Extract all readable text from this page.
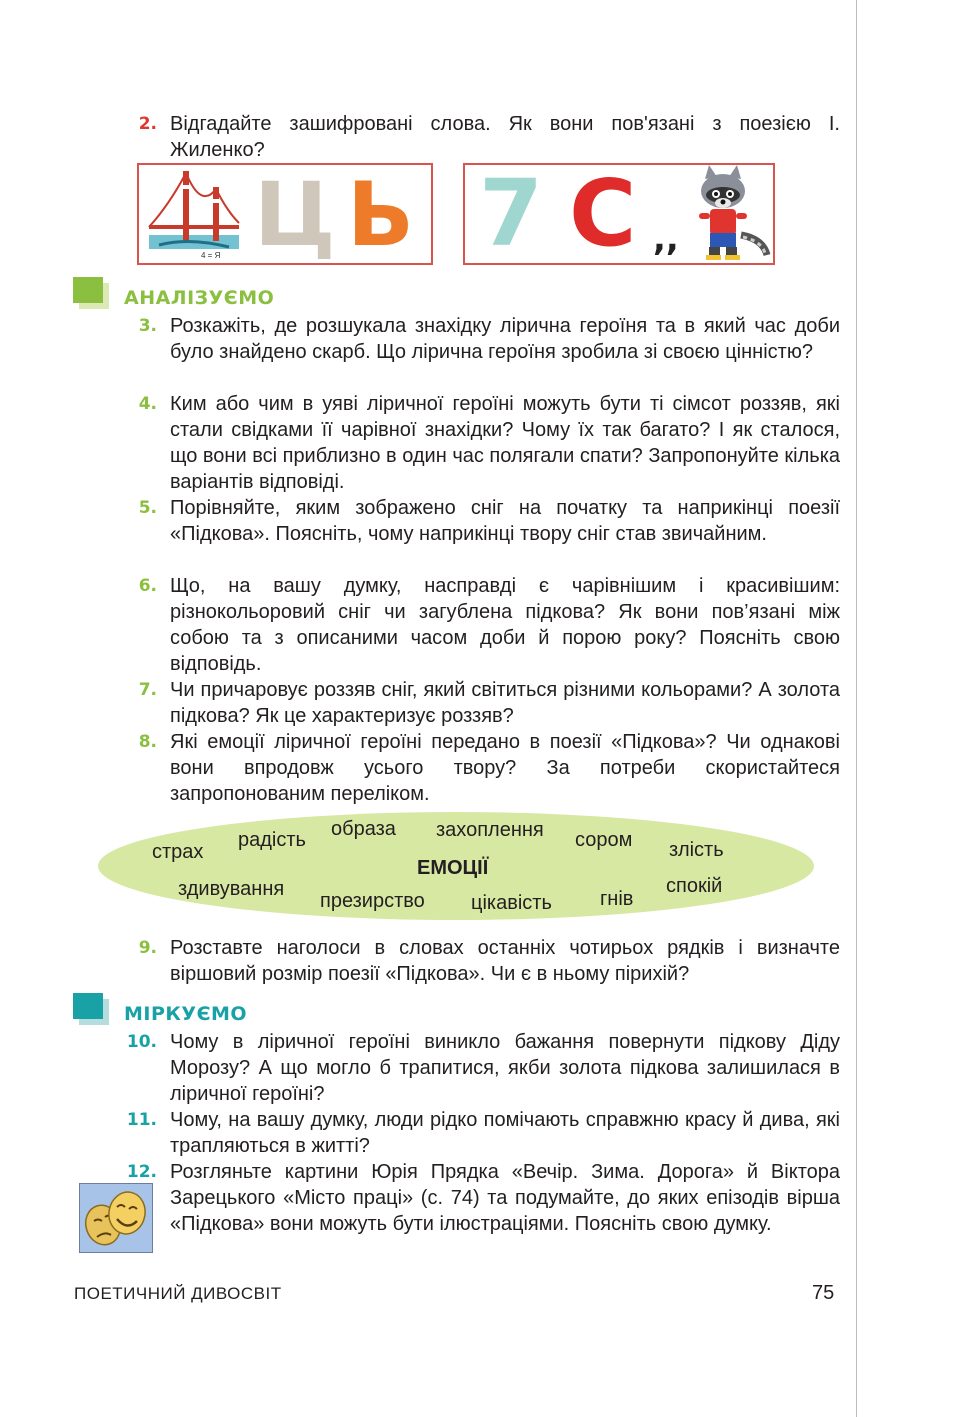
2. Відгадайте зашифровані слова. Як вони пов'язані з поезією І. Жиленко?
4 = Я Ц Ь 7 С ,,
АНАЛІЗУЄМО
3. Розкажіть, де розшукала знахідку лірична героїня та в який час доби було знайдено скарб. Що лірична героїня зробила зі своєю цінністю?
4. Ким або чим в уяві ліричної героїні можуть бути ті сімсот роззяв, які стали свідками її чарівної знахідки? Чому їх так багато? І як сталося, що вони всі приблизно в один час полягали спати? Запропонуйте кілька варіантів відповіді.
5. Порівняйте, яким зображено сніг на початку та наприкінці поезії «Підкова». Поясніть, чому наприкінці твору сніг став звичайним.
6. Що, на вашу думку, насправді є чарівнішим і красивішим: різнокольоровий сніг чи загублена підкова? Як вони пов’язані між собою та з описаними часом доби й порою року? Поясніть свою відповідь.
7. Чи причаровує роззяв сніг, який світиться різними кольорами? А золота підкова? Як це характеризує роззяв?
8. Які емоції ліричної героїні передано в поезії «Підкова»? Чи однакові вони впродовж усього твору? За потреби скористайтеся запропонованим переліком.
ЕМОЦІЇ
страх
радість образа захоплення сором злість
здивування
презирство цікавість гнів
спокій
9. Розставте наголоси в словах останніх чотирьох рядків і визначте віршовий розмір поезії «Підкова». Чи є в ньому пірихій?
МІРКУЄМО
10. Чому в ліричної героїні виникло бажання повернути підкову Діду Морозу? А що могло б трапитися, якби золота підкова залишилася в ліричної героїні?
11. Чому, на вашу думку, люди рідко помічають справжню красу й дива, які трапляються в житті?
12. Розгляньте картини Юрія Прядка «Вечір. Зима. Дорога» й Віктора Зарецького «Місто праці» (с. 74) та подумайте, до яких епізодів вірша «Підкова» вони можуть бути ілюстраціями. Поясніть свою думку.
ПОЕТИЧНИЙ ДИВОСВІТ	75
